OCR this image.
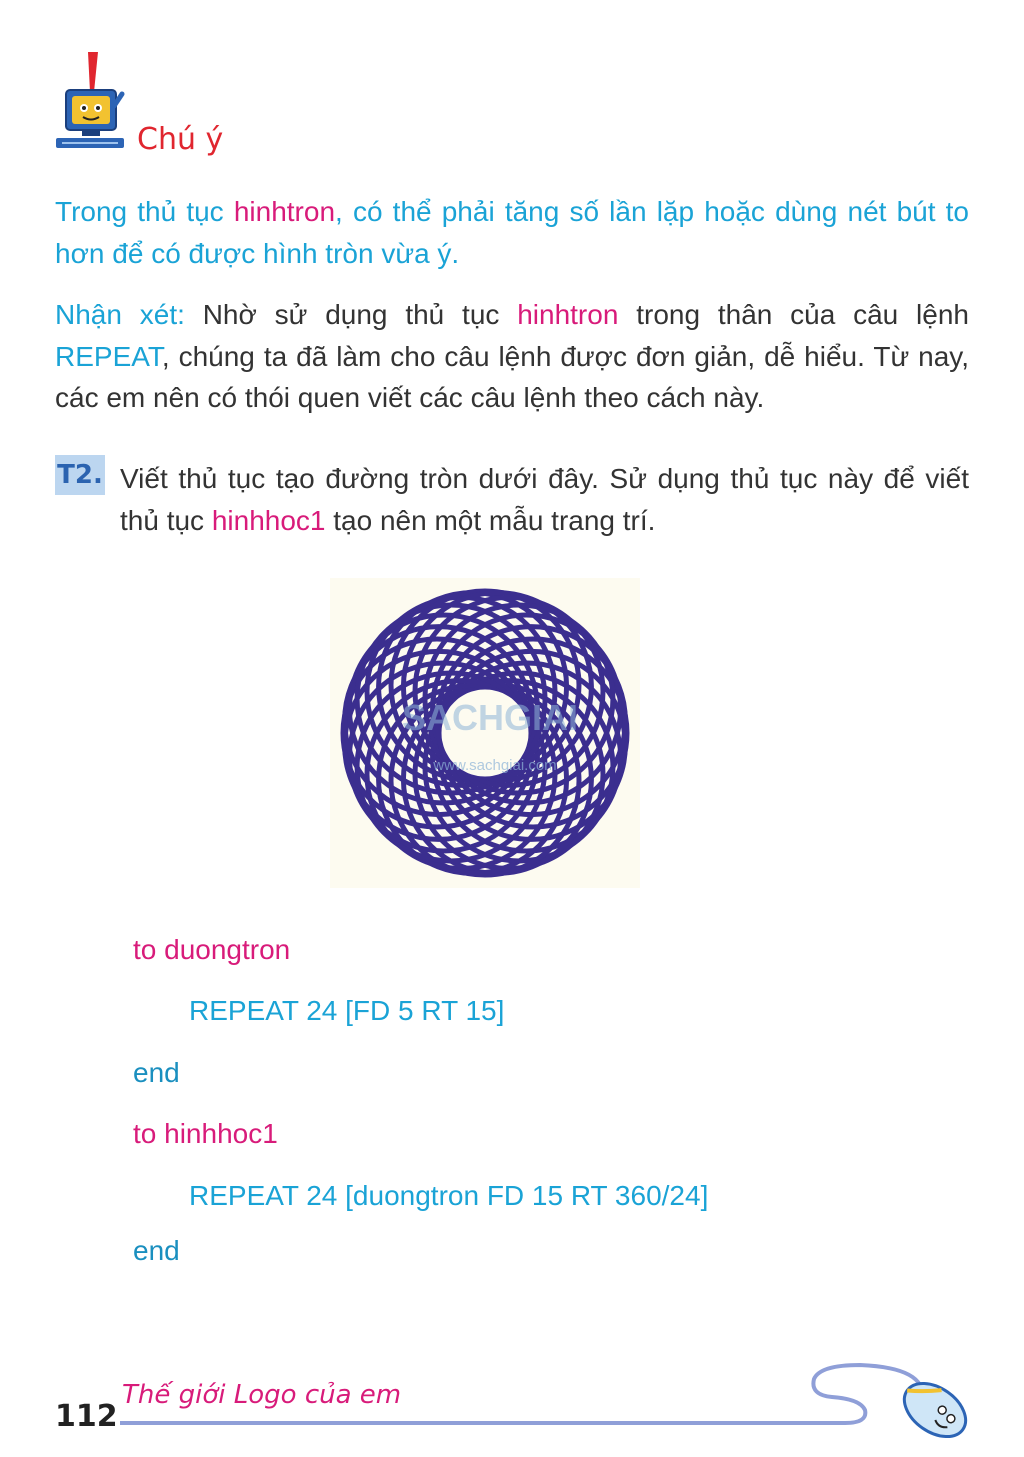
Chú ý
Trong thủ tục hinhtron, có thể phải tăng số lần lặp hoặc dùng nét bút to hơn để có được hình tròn vừa ý.
Nhận xét: Nhờ sử dụng thủ tục hinhtron trong thân của câu lệnh REPEAT, chúng ta đã làm cho câu lệnh được đơn giản, dễ hiểu. Từ nay, các em nên có thói quen viết các câu lệnh theo cách này.
T2. Viết thủ tục tạo đường tròn dưới đây. Sử dụng thủ tục này để viết thủ tục hinhhoc1 tạo nên một mẫu trang trí.
SACHGIAI
www.sachgiai.com
to duongtron
REPEAT 24 [FD 5 RT 15]
end
to hinhhoc1
REPEAT 24 [duongtron FD 15 RT 360/24]
end
112
Thế giới Logo của em
